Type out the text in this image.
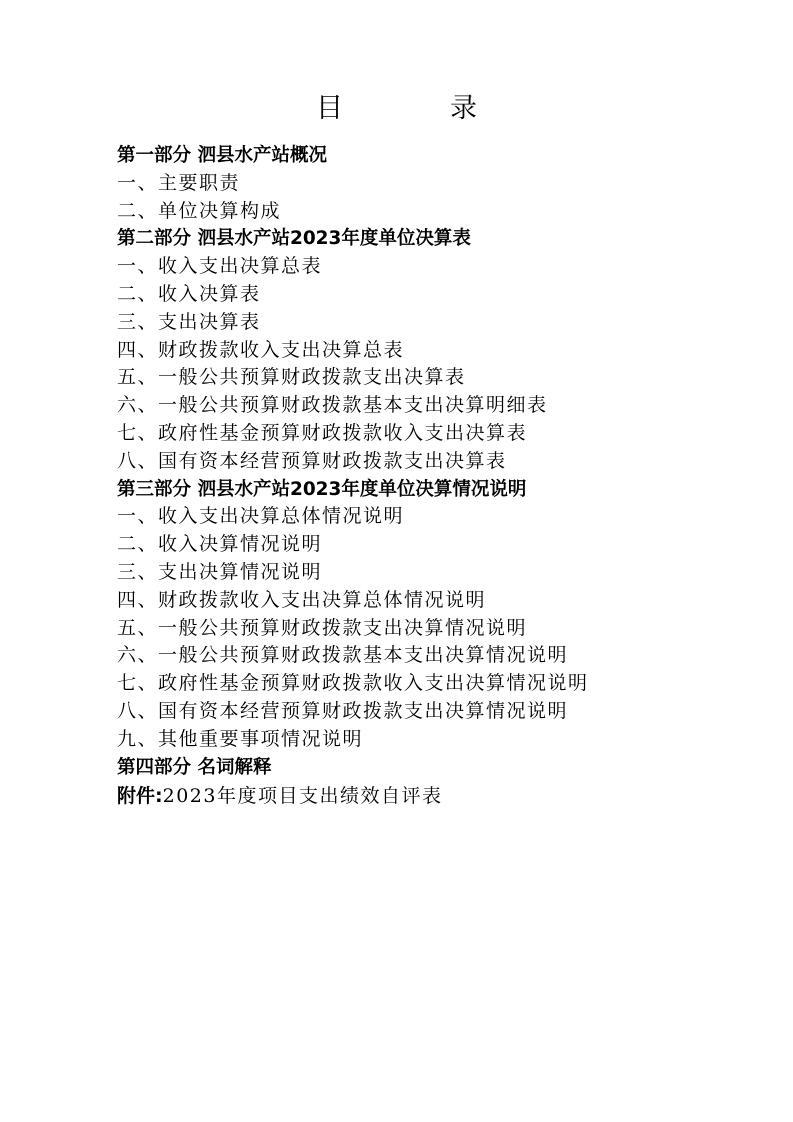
目　录
第一部分 泗县水产站概况
一、主要职责
二、单位决算构成
第二部分 泗县水产站2023年度单位决算表
一、收入支出决算总表
二、收入决算表
三、支出决算表
四、财政拨款收入支出决算总表
五、一般公共预算财政拨款支出决算表
六、一般公共预算财政拨款基本支出决算明细表
七、政府性基金预算财政拨款收入支出决算表
八、国有资本经营预算财政拨款支出决算表
第三部分 泗县水产站2023年度单位决算情况说明
一、收入支出决算总体情况说明
二、收入决算情况说明
三、支出决算情况说明
四、财政拨款收入支出决算总体情况说明
五、一般公共预算财政拨款支出决算情况说明
六、一般公共预算财政拨款基本支出决算情况说明
七、政府性基金预算财政拨款收入支出决算情况说明
八、国有资本经营预算财政拨款支出决算情况说明
九、其他重要事项情况说明
第四部分 名词解释
附件:2023年度项目支出绩效自评表
